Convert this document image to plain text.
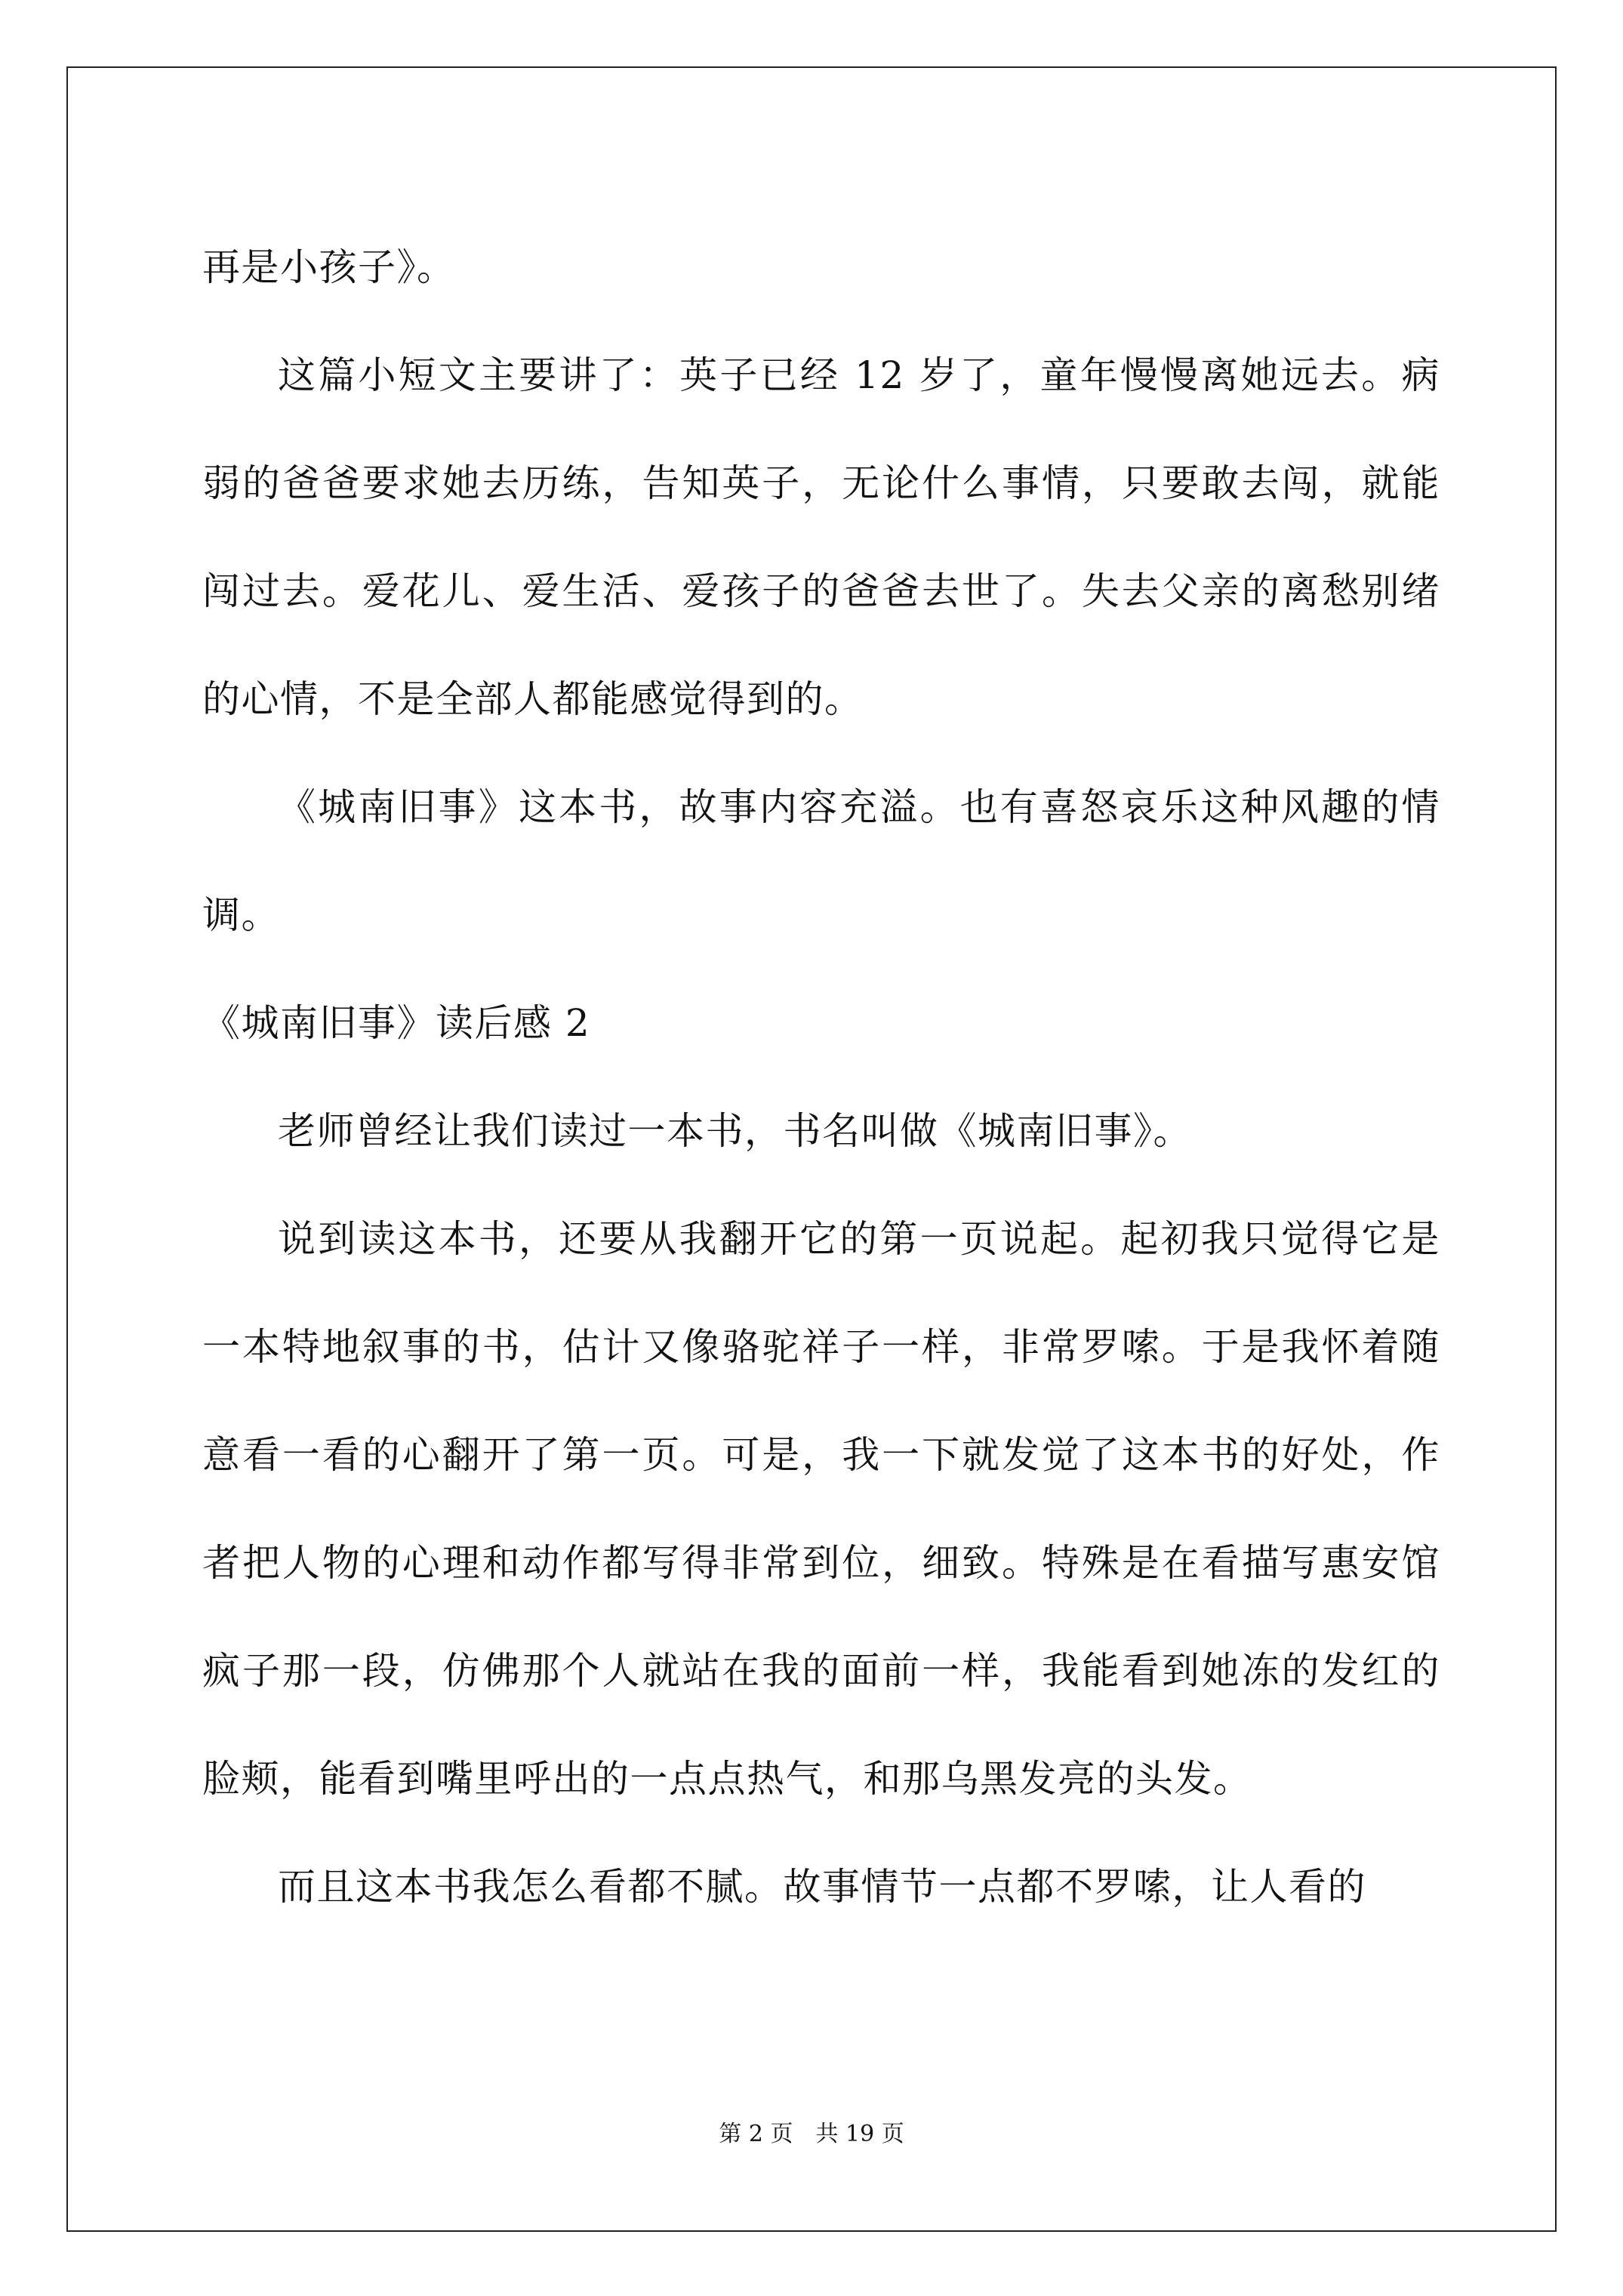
再是小孩子》。

这篇小短文主要讲了：英子已经 12 岁了，童年慢慢离她远去。病弱的爸爸要求她去历练，告知英子，无论什么事情，只要敢去闯，就能闯过去。爱花儿、爱生活、爱孩子的爸爸去世了。失去父亲的离愁别绪的心情，不是全部人都能感觉得到的。

《城南旧事》这本书，故事内容充溢。也有喜怒哀乐这种风趣的情调。

《城南旧事》读后感 2

老师曾经让我们读过一本书，书名叫做《城南旧事》。

说到读这本书，还要从我翻开它的第一页说起。起初我只觉得它是一本特地叙事的书，估计又像骆驼祥子一样，非常罗嗦。于是我怀着随意看一看的心翻开了第一页。可是，我一下就发觉了这本书的好处，作者把人物的心理和动作都写得非常到位，细致。特殊是在看描写惠安馆疯子那一段，仿佛那个人就站在我的面前一样，我能看到她冻的发红的脸颊，能看到嘴里呼出的一点点热气，和那乌黑发亮的头发。

而且这本书我怎么看都不腻。故事情节一点都不罗嗦，让人看的

第 2 页　共 19 页
